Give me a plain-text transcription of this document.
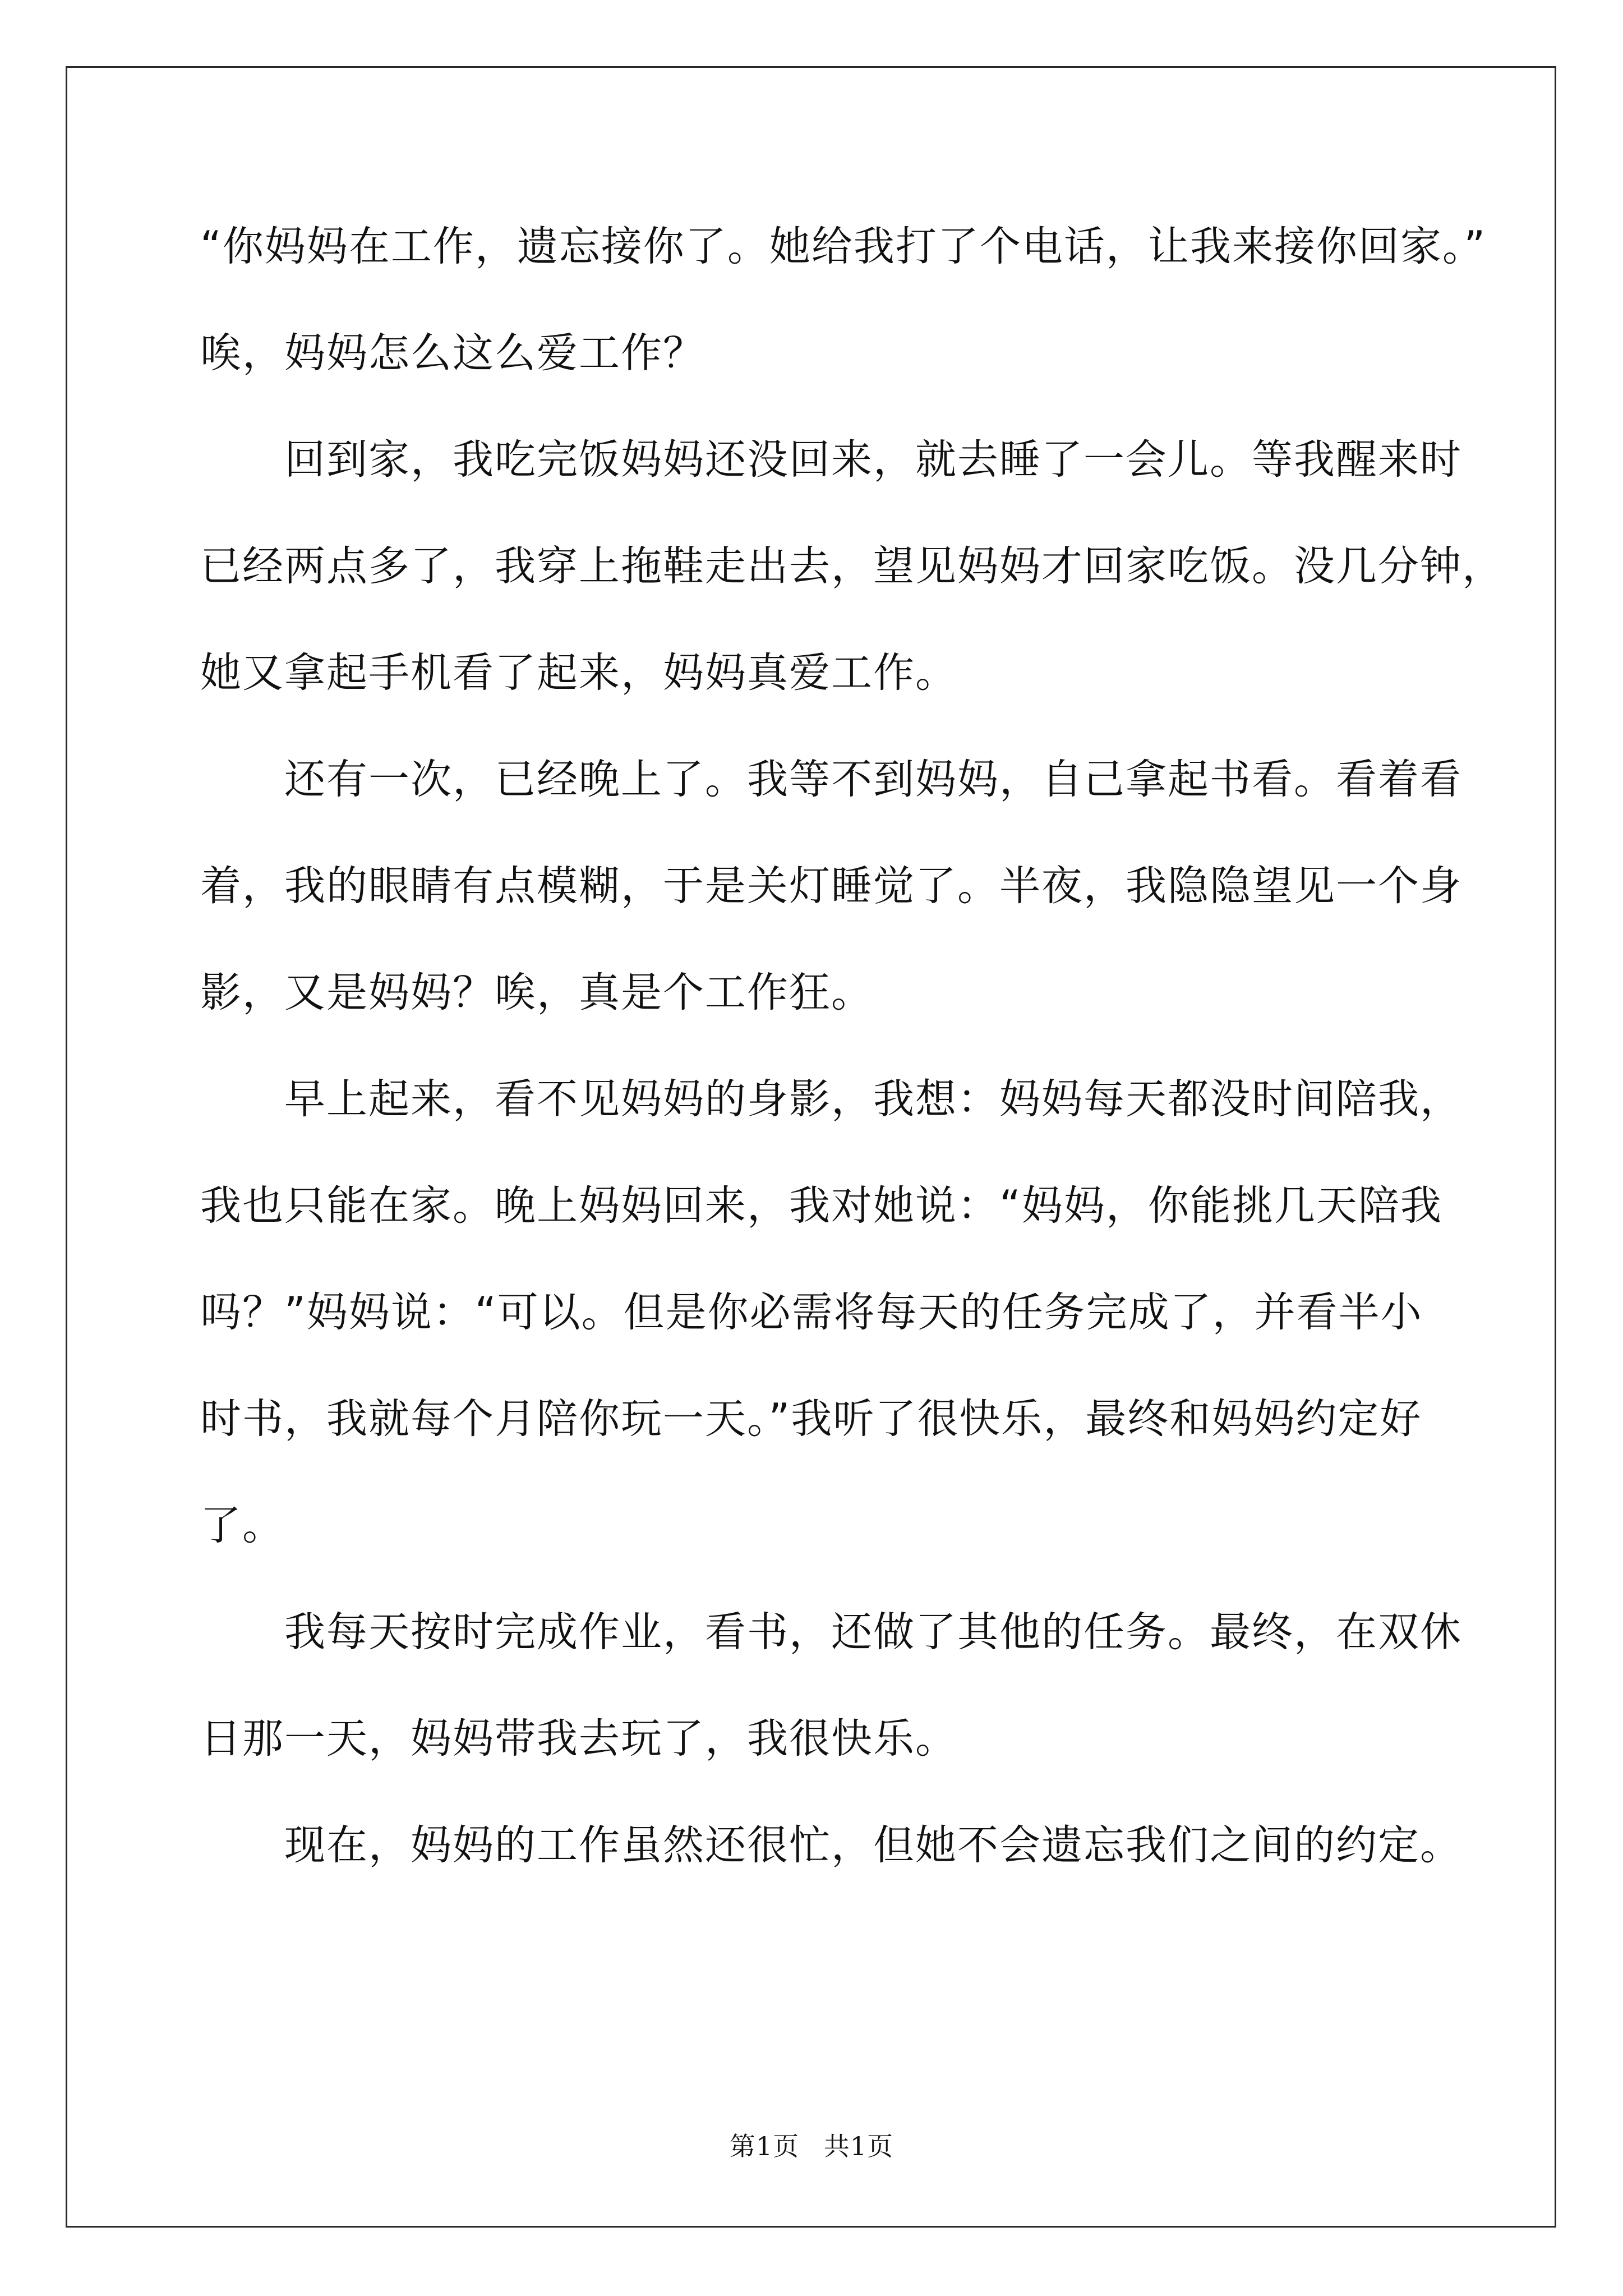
“你妈妈在工作，遗忘接你了。她给我打了个电话，让我来接你回家。”
唉，妈妈怎么这么爱工作？
　　回到家，我吃完饭妈妈还没回来，就去睡了一会儿。等我醒来时
已经两点多了，我穿上拖鞋走出去，望见妈妈才回家吃饭。没几分钟，
她又拿起手机看了起来，妈妈真爱工作。
　　还有一次，已经晚上了。我等不到妈妈，自己拿起书看。看着看
着，我的眼睛有点模糊，于是关灯睡觉了。半夜，我隐隐望见一个身
影，又是妈妈？唉，真是个工作狂。
　　早上起来，看不见妈妈的身影，我想：妈妈每天都没时间陪我，
我也只能在家。晚上妈妈回来，我对她说：“妈妈，你能挑几天陪我
吗？”妈妈说：“可以。但是你必需将每天的任务完成了，并看半小
时书，我就每个月陪你玩一天。”我听了很快乐，最终和妈妈约定好
了。
　　我每天按时完成作业，看书，还做了其他的任务。最终，在双休
日那一天，妈妈带我去玩了，我很快乐。
　　现在，妈妈的工作虽然还很忙，但她不会遗忘我们之间的约定。
第1页 共1页
